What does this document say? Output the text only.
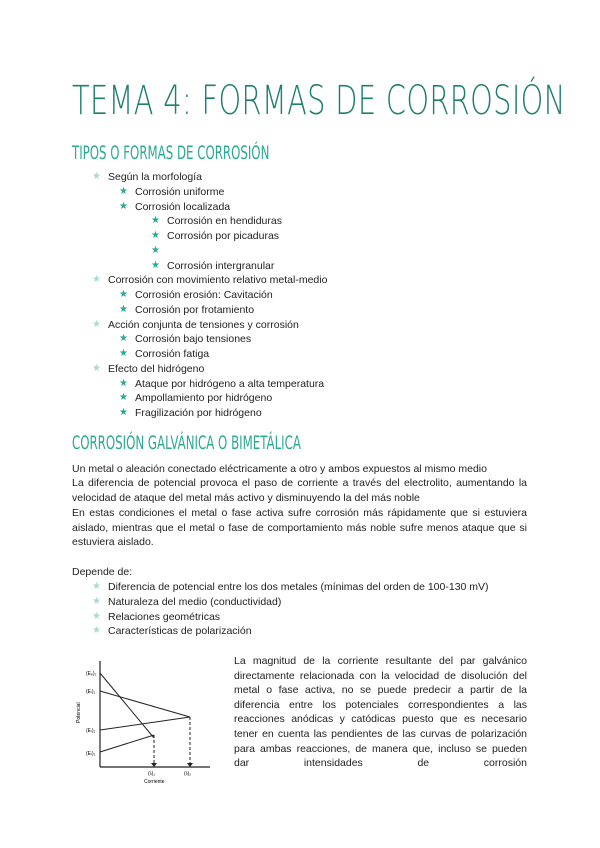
TEMA 4: FORMAS DE CORROSIÓN
TIPOS O FORMAS DE CORROSIÓN
★ Según la morfología
★ Corrosión uniforme
★ Corrosión localizada
★ Corrosión en hendiduras
★ Corrosión por picaduras
★
★ Corrosión intergranular
★ Corrosión con movimiento relativo metal-medio
★ Corrosión erosión: Cavitación
★ Corrosión por frotamiento
★ Acción conjunta de tensiones y corrosión
★ Corrosión bajo tensiones
★ Corrosión fatiga
★ Efecto del hidrógeno
★ Ataque por hidrógeno a alta temperatura
★ Ampollamiento por hidrógeno
★ Fragilización por hidrógeno
CORROSIÓN GALVÁNICA O BIMETÁLICA
Un metal o aleación conectado eléctricamente a otro y ambos expuestos al mismo medio
La diferencia de potencial provoca el paso de corriente a través del electrolito, aumentando la velocidad de ataque del metal más activo y disminuyendo la del más noble
En estas condiciones el metal o fase activa sufre corrosión más rápidamente que si estuviera aislado, mientras que el metal o fase de comportamiento más noble sufre menos ataque que si estuviera aislado.
Depende de:
★ Diferencia de potencial entre los dos metales (mínimas del orden de 100-130 mV)
★ Naturaleza del medio (conductividad)
★ Relaciones geométricas
★ Características de polarización
(Eₑ)₂
(Eₗ)₁
(Eₗ)₁
(Eₗ)₂
(iₗ)₁	(iₗ)₂
Corriente
Potencial
La magnitud de la corriente resultante del par galvánico directamente relacionada con la velocidad de disolución del metal o fase activa, no se puede predecir a partir de la diferencia entre los potenciales correspondientes a las reacciones anódicas y catódicas puesto que es necesario tener en cuenta las pendientes de las curvas de polarización para ambas reacciones, de manera que, incluso se pueden dar intensidades de corrosión
